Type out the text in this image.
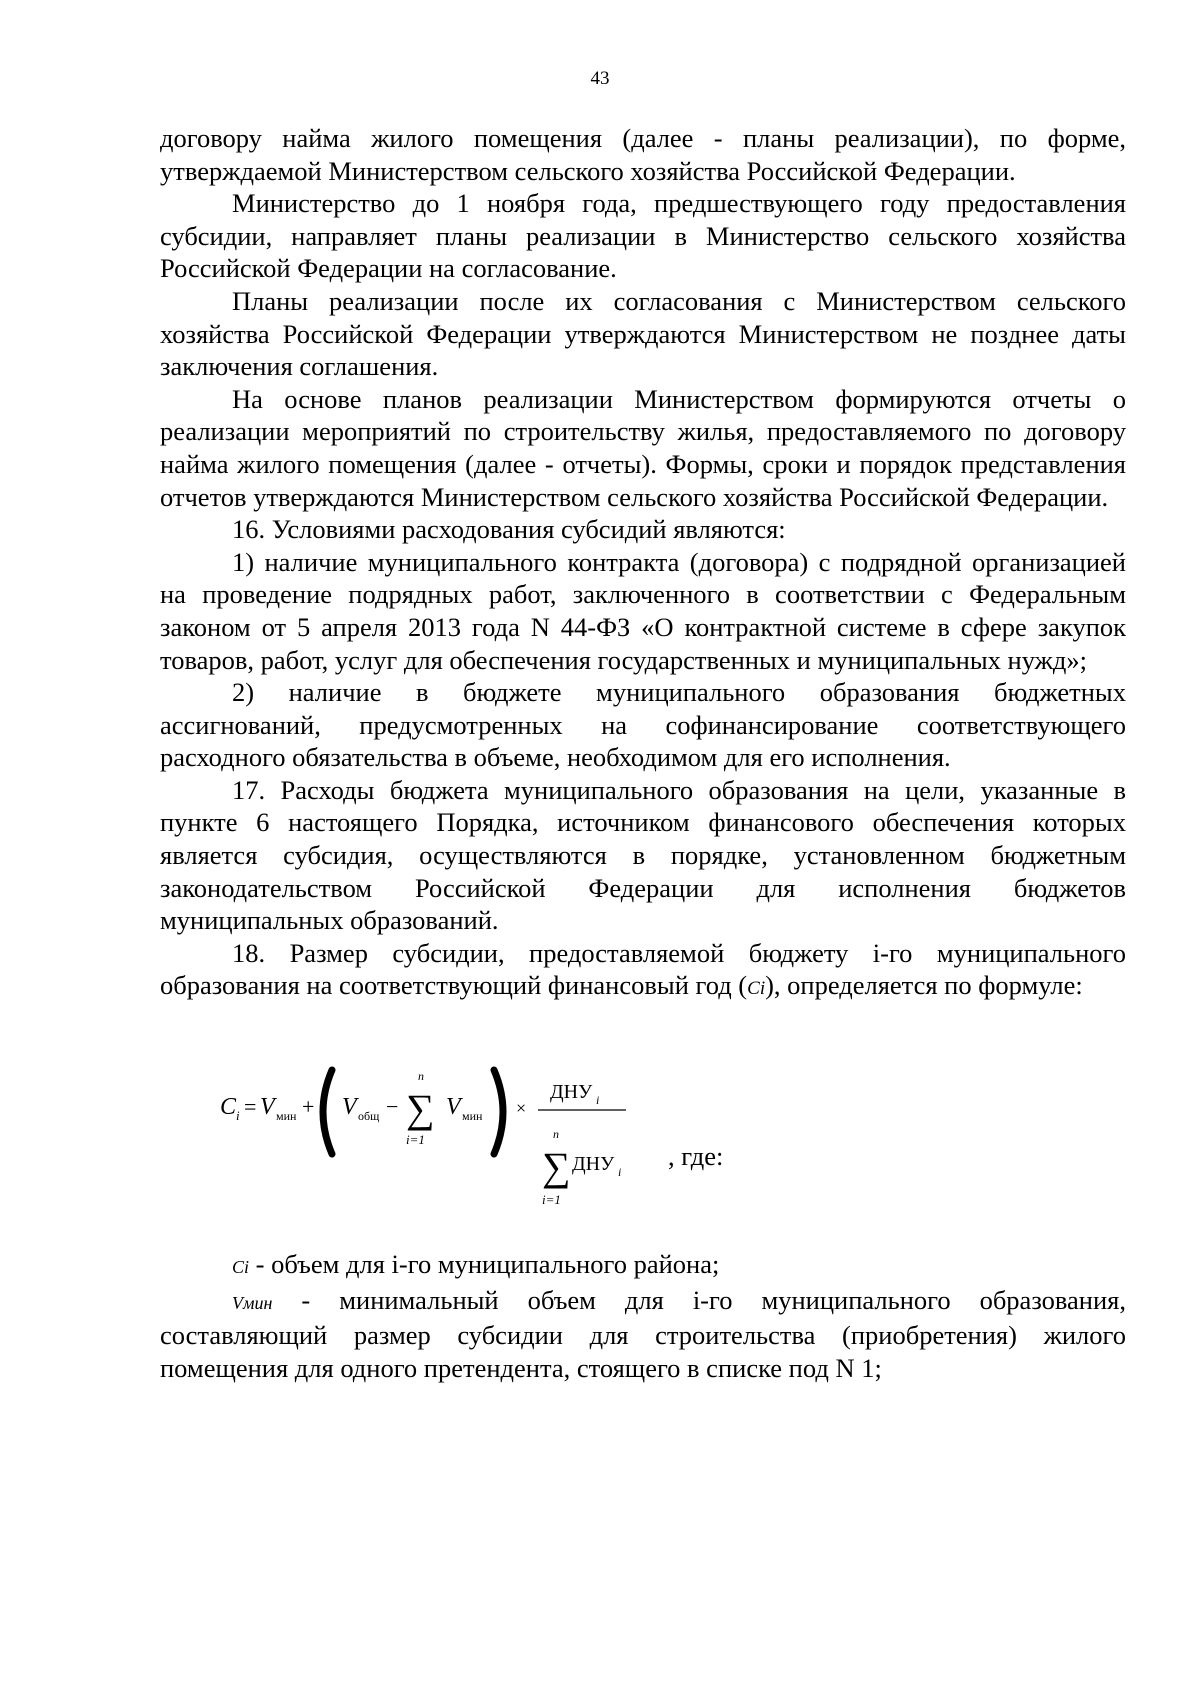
43

договору найма жилого помещения (далее - планы реализации), по форме, утверждаемой Министерством сельского хозяйства Российской Федерации.

Министерство до 1 ноября года, предшествующего году предоставления субсидии, направляет планы реализации в Министерство сельского хозяйства Российской Федерации на согласование.

Планы реализации после их согласования с Министерством сельского хозяйства Российской Федерации утверждаются Министерством не позднее даты заключения соглашения.

На основе планов реализации Министерством формируются отчеты о реализации мероприятий по строительству жилья, предоставляемого по договору найма жилого помещения (далее - отчеты). Формы, сроки и порядок представления отчетов утверждаются Министерством сельского хозяйства Российской Федерации.

16. Условиями расходования субсидий являются:

1) наличие муниципального контракта (договора) с подрядной организацией на проведение подрядных работ, заключенного в соответствии с Федеральным законом от 5 апреля 2013 года N 44-ФЗ «О контрактной системе в сфере закупок товаров, работ, услуг для обеспечения государственных и муниципальных нужд»;

2) наличие в бюджете муниципального образования бюджетных ассигнований, предусмотренных на софинансирование соответствующего расходного обязательства в объеме, необходимом для его исполнения.

17. Расходы бюджета муниципального образования на цели, указанные в пункте 6 настоящего Порядка, источником финансового обеспечения которых является субсидия, осуществляются в порядке, установленном бюджетным законодательством Российской Федерации для исполнения бюджетов муниципальных образований.

18. Размер субсидии, предоставляемой бюджету i-го муниципального образования на соответствующий финансовый год (Ci), определяется по формуле:

C i = V мин + V общ −
n
∑
i=1
V мин ×
ДНУ i
n
∑
i=1
ДНУ i
, где:

Ci - объем для i-го муниципального района;

Vмин - минимальный объем для i-го муниципального образования, составляющий размер субсидии для строительства (приобретения) жилого помещения для одного претендента, стоящего в списке под N 1;
